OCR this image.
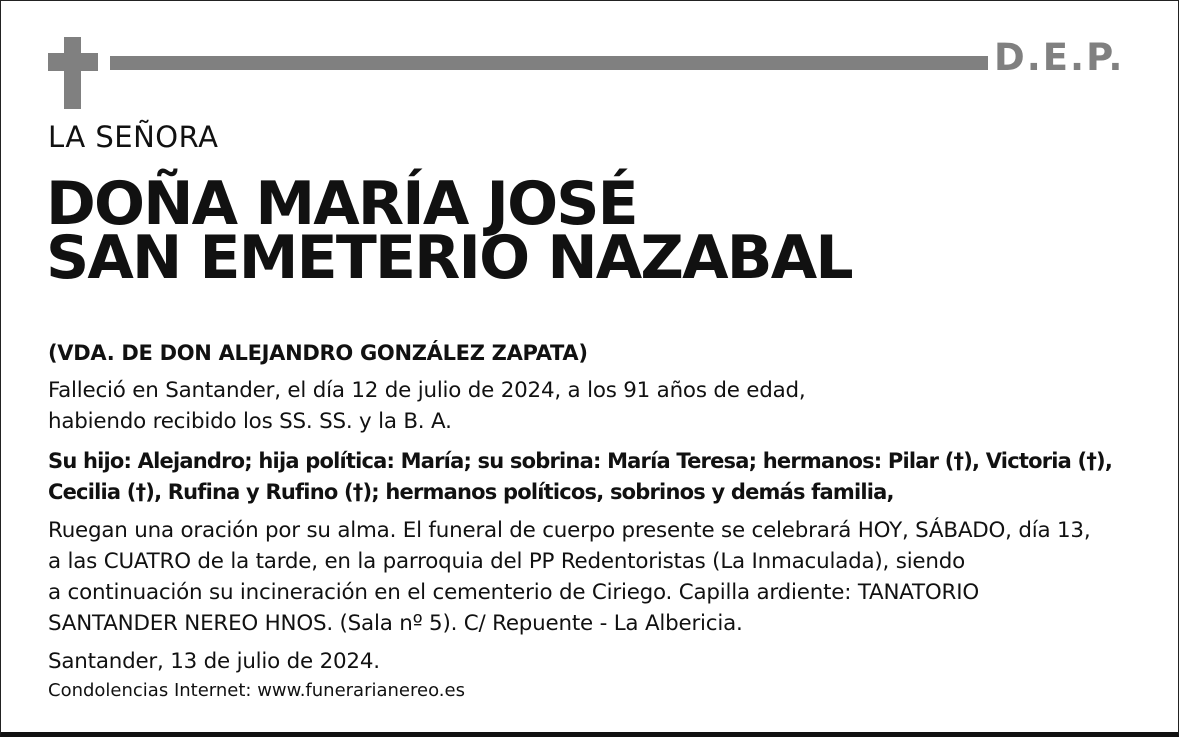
D.E.P.
LA SEÑORA
DOÑA MARÍA JOSÉ
SAN EMETERIO NAZABAL
(VDA. DE DON ALEJANDRO GONZÁLEZ ZAPATA)
Falleció en Santander, el día 12 de julio de 2024, a los 91 años de edad,
habiendo recibido los SS. SS. y la B. A.
Su hijo: Alejandro; hija política: María; su sobrina: María Teresa; hermanos: Pilar (†), Victoria (†),
Cecilia (†), Rufina y Rufino (†); hermanos políticos, sobrinos y demás familia,
Ruegan una oración por su alma. El funeral de cuerpo presente se celebrará HOY, SÁBADO, día 13,
a las CUATRO de la tarde, en la parroquia del PP Redentoristas (La Inmaculada), siendo
a continuación su incineración en el cementerio de Ciriego. Capilla ardiente: TANATORIO
SANTANDER NEREO HNOS. (Sala nº 5). C/ Repuente - La Albericia.
Santander, 13 de julio de 2024.
Condolencias Internet: www.funerarianereo.es
